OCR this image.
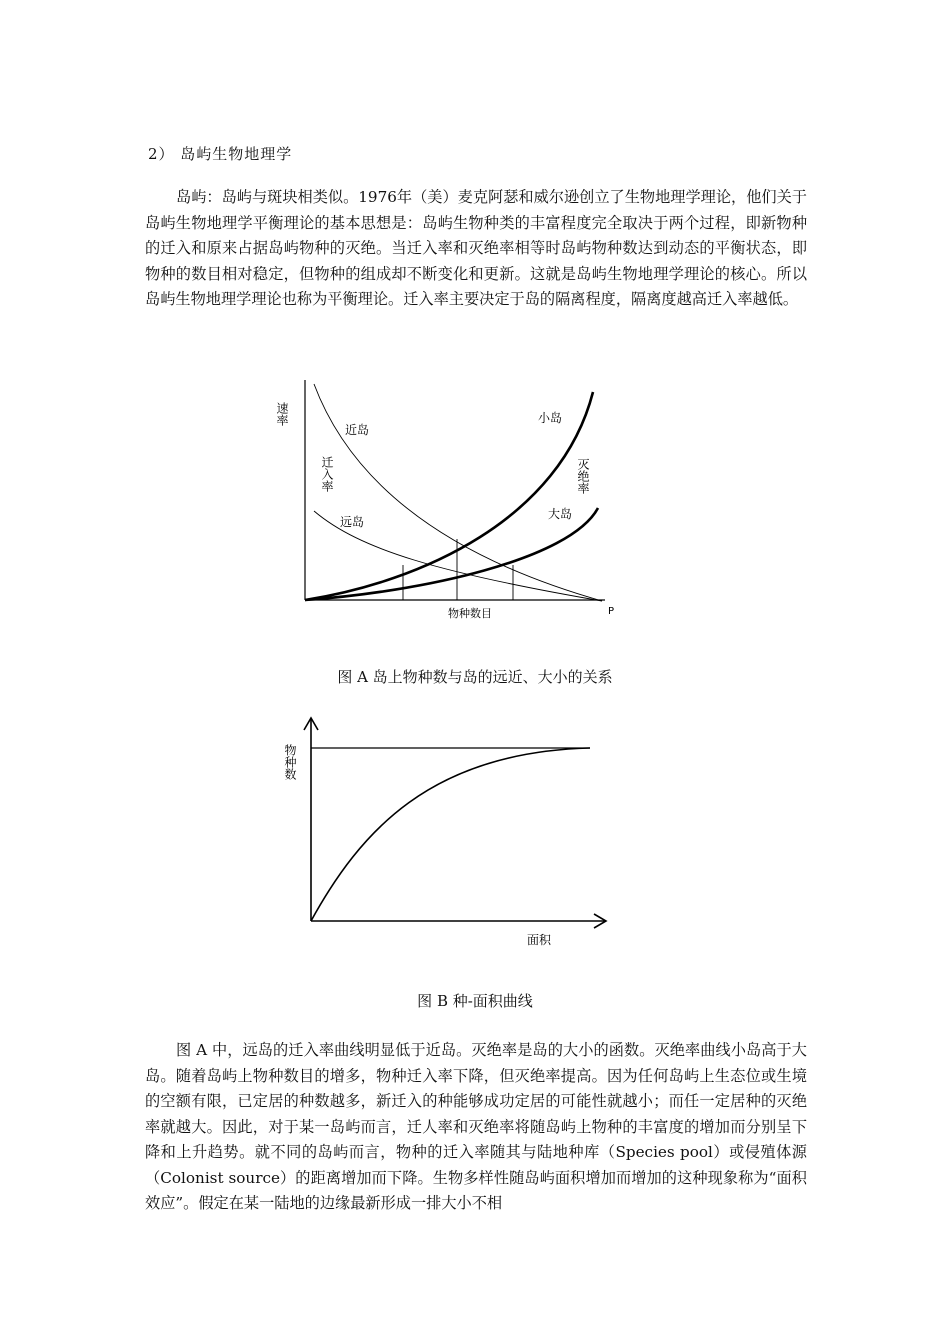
2） 岛屿生物地理学

岛屿：岛屿与斑块相类似。1976年（美）麦克阿瑟和威尔逊创立了生物地理学理论，他们关于岛屿生物地理学平衡理论的基本思想是：岛屿生物种类的丰富程度完全取决于两个过程，即新物种的迁入和原来占据岛屿物种的灭绝。当迁入率和灭绝率相等时岛屿物种数达到动态的平衡状态，即物种的数目相对稳定，但物种的组成却不断变化和更新。这就是岛屿生物地理学理论的核心。所以岛屿生物地理学理论也称为平衡理论。迁入率主要决定于岛的隔离程度，隔离度越高迁入率越低。

速率
近岛
迁入率
远岛
小岛
灭绝率
大岛
物种数目	P
图 A 岛上物种数与岛的远近、大小的关系
物种数
面积
图 B 种-面积曲线

图 A 中，远岛的迁入率曲线明显低于近岛。灭绝率是岛的大小的函数。灭绝率曲线小岛高于大岛。随着岛屿上物种数目的增多，物种迁入率下降，但灭绝率提高。因为任何岛屿上生态位或生境的空额有限，已定居的种数越多，新迁入的种能够成功定居的可能性就越小；而任一定居种的灭绝率就越大。因此，对于某一岛屿而言，迁人率和灭绝率将随岛屿上物种的丰富度的增加而分别呈下降和上升趋势。就不同的岛屿而言，物种的迁入率随其与陆地种库（Species pool）或侵殖体源（Colonist source）的距离增加而下降。生物多样性随岛屿面积增加而增加的这种现象称为“面积效应”。假定在某一陆地的边缘最新形成一排大小不相
